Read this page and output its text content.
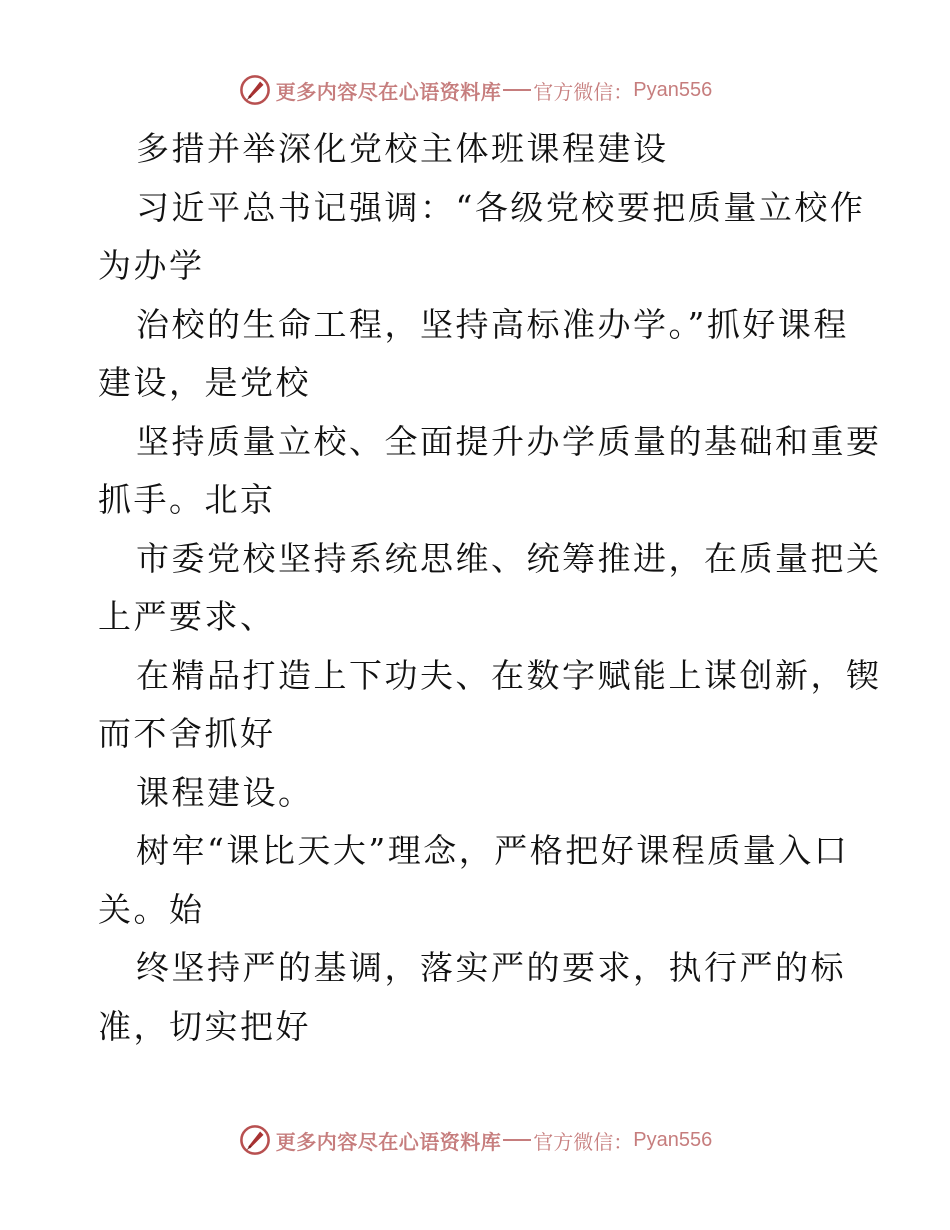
更多内容尽在心语资料库 官方微信： Pyan556
多措并举深化党校主体班课程建设
习近平总书记强调：“各级党校要把质量立校作
为办学
治校的生命工程，坚持高标准办学。”抓好课程
建设，是党校
坚持质量立校、全面提升办学质量的基础和重要
抓手。北京
市委党校坚持系统思维、统筹推进，在质量把关
上严要求、
在精品打造上下功夫、在数字赋能上谋创新，锲
而不舍抓好
课程建设。
树牢“课比天大”理念，严格把好课程质量入口
关。始
终坚持严的基调，落实严的要求，执行严的标
准，切实把好
更多内容尽在心语资料库 官方微信： Pyan556
